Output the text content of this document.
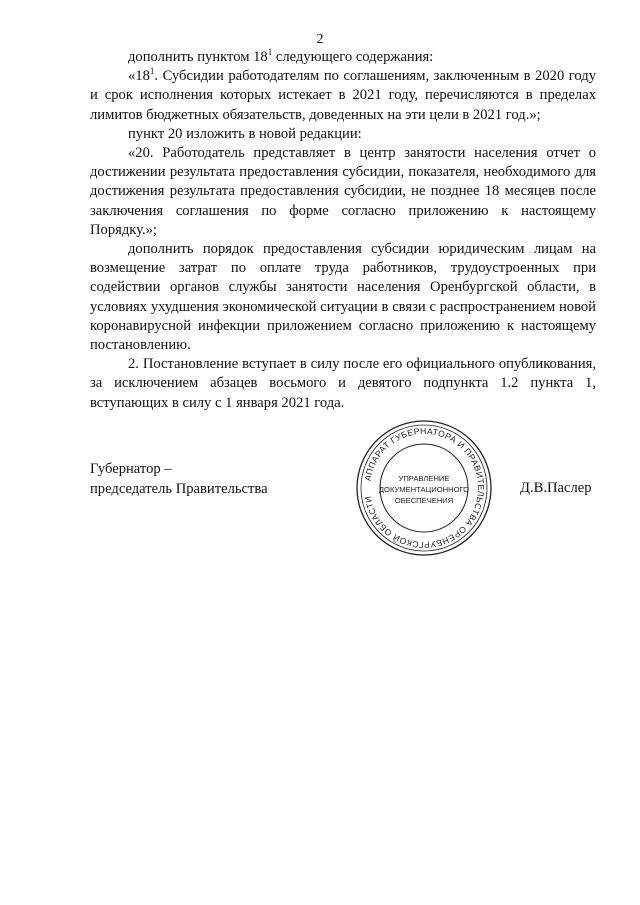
2

дополнить пунктом $18^1$ следующего содержания:

«$18^1$. Субсидии работодателям по соглашениям, заключенным в 2020 году и срок исполнения которых истекает в 2021 году, перечисляются в пределах лимитов бюджетных обязательств, доведенных на эти цели в 2021 год.»;

пункт 20 изложить в новой редакции:

«20. Работодатель представляет в центр занятости населения отчет о достижении результата предоставления субсидии, показателя, необходимого для достижения результата предоставления субсидии, не позднее 18 месяцев после заключения соглашения по форме согласно приложению к настоящему Порядку.»;

дополнить порядок предоставления субсидии юридическим лицам на возмещение затрат по оплате труда работников, трудоустроенных при содействии органов службы занятости населения Оренбургской области, в условиях ухудшения экономической ситуации в связи с распространением новой коронавирусной инфекции приложением согласно приложению к настоящему постановлению.

2. Постановление вступает в силу после его официального опубликования, за исключением абзацев восьмого и девятого подпункта 1.2 пункта 1, вступающих в силу с 1 января 2021 года.

Губернатор –
председатель Правительства	Д.В.Паслер
АППАРАТ ГУБЕРНАТОРА И ПРАВИТЕЛЬСТВА ОРЕНБУРГСКОЙ ОБЛАСТИ
УПРАВЛЕНИЕ
ДОКУМЕНТАЦИОННОГО
ОБЕСПЕЧЕНИЯ
